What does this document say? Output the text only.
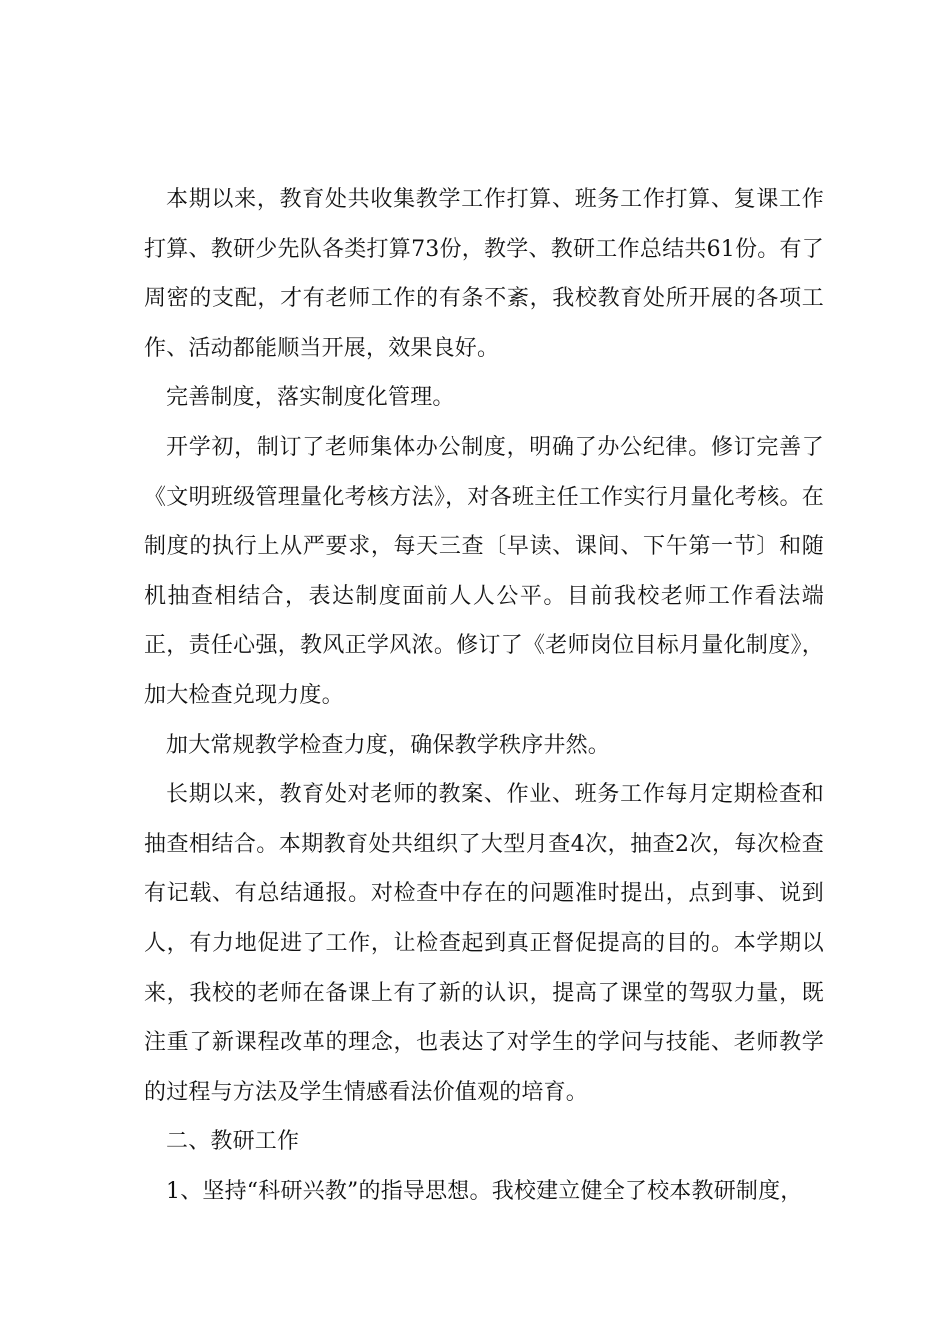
本期以来，教育处共收集教学工作打算、班务工作打算、复课工作打算、教研少先队各类打算73份，教学、教研工作总结共61份。有了周密的支配，才有老师工作的有条不紊，我校教育处所开展的各项工作、活动都能顺当开展，效果良好。

完善制度，落实制度化管理。

开学初，制订了老师集体办公制度，明确了办公纪律。修订完善了《文明班级管理量化考核方法》，对各班主任工作实行月量化考核。在制度的执行上从严要求，每天三查〔早读、课间、下午第一节〕和随机抽查相结合，表达制度面前人人公平。目前我校老师工作看法端正，责任心强，教风正学风浓。修订了《老师岗位目标月量化制度》，加大检查兑现力度。

加大常规教学检查力度，确保教学秩序井然。

长期以来，教育处对老师的教案、作业、班务工作每月定期检查和抽查相结合。本期教育处共组织了大型月查4次，抽查2次，每次检查有记载、有总结通报。对检查中存在的问题准时提出，点到事、说到人，有力地促进了工作，让检查起到真正督促提高的目的。本学期以来，我校的老师在备课上有了新的认识，提高了课堂的驾驭力量，既注重了新课程改革的理念，也表达了对学生的学问与技能、老师教学的过程与方法及学生情感看法价值观的培育。

二、教研工作

1、坚持“科研兴教”的指导思想。我校建立健全了校本教研制度，
